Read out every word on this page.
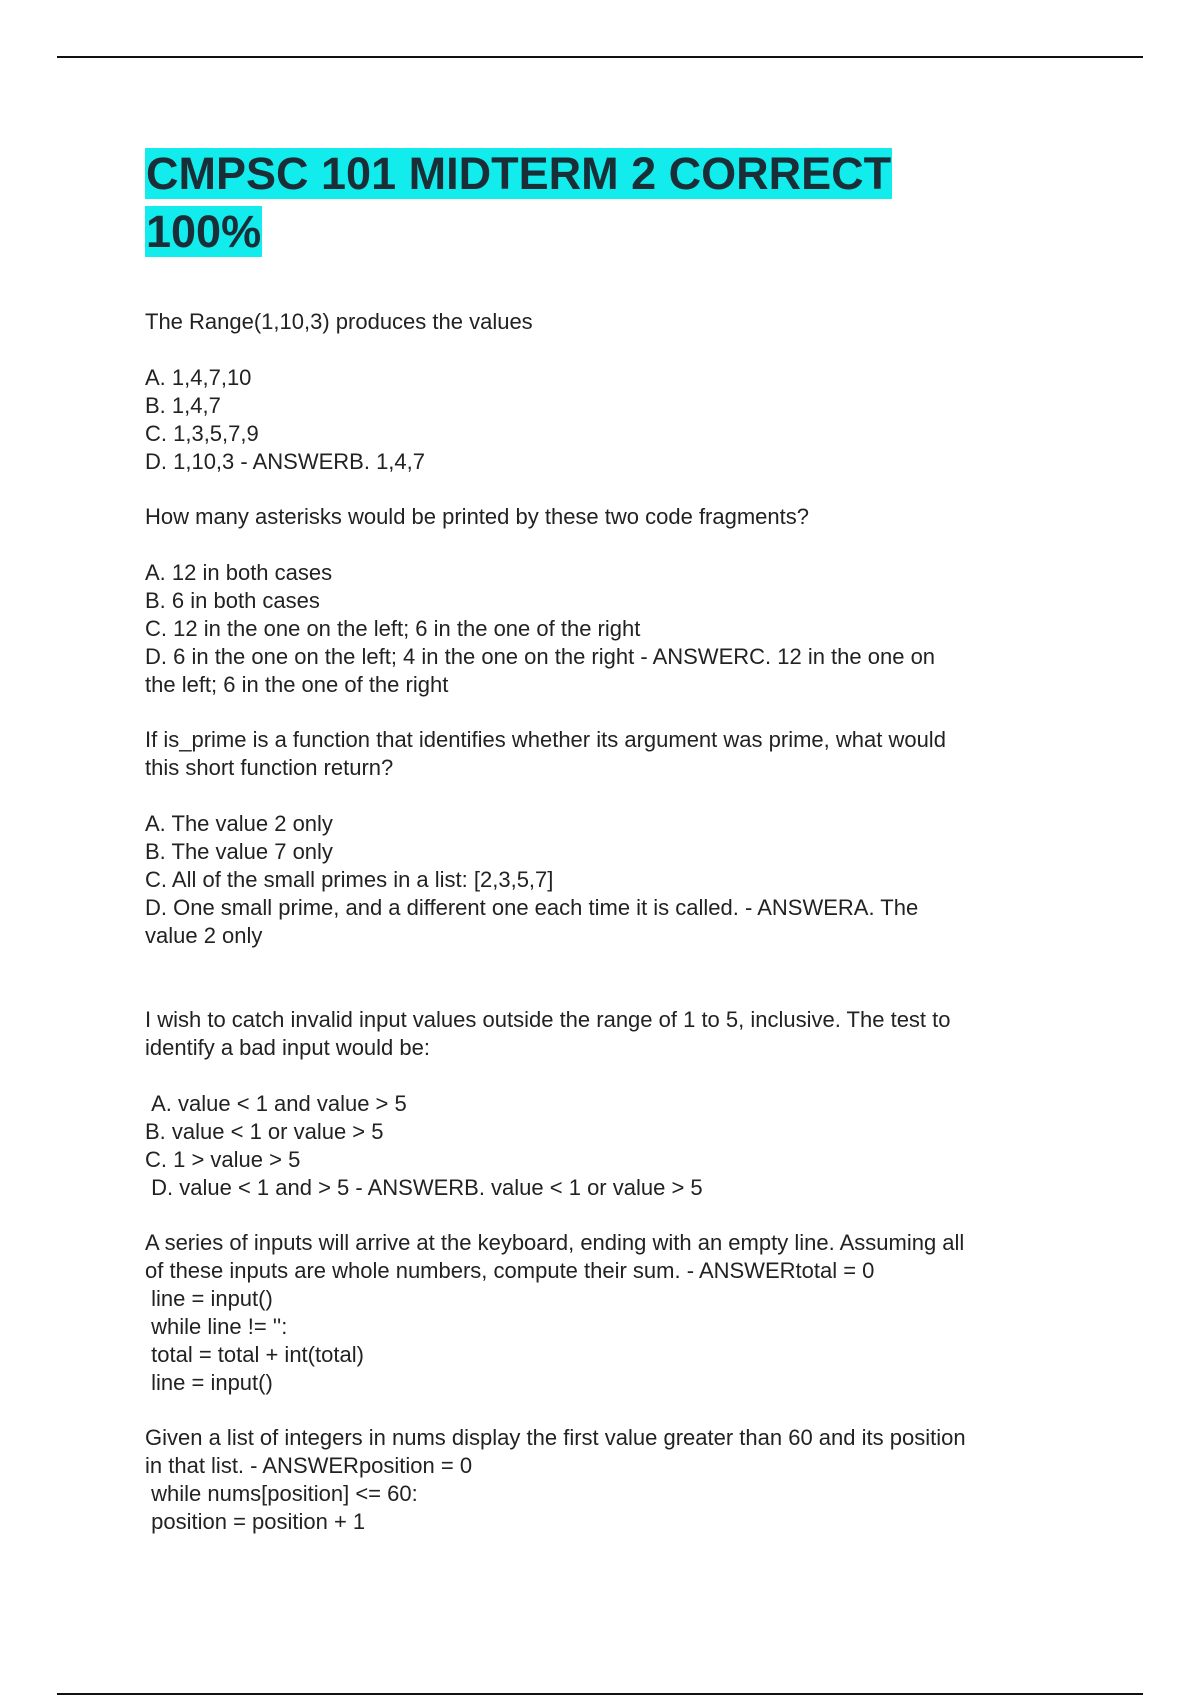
CMPSC 101 MIDTERM 2 CORRECT
100%

The Range(1,10,3) produces the values

A. 1,4,7,10
B. 1,4,7
C. 1,3,5,7,9
D. 1,10,3 - ANSWERB. 1,4,7

How many asterisks would be printed by these two code fragments?

A. 12 in both cases
B. 6 in both cases
C. 12 in the one on the left; 6 in the one of the right
D. 6 in the one on the left; 4 in the one on the right - ANSWERC. 12 in the one on
the left; 6 in the one of the right

If is_prime is a function that identifies whether its argument was prime, what would
this short function return?

A. The value 2 only
B. The value 7 only
C. All of the small primes in a list: [2,3,5,7]
D. One small prime, and a different one each time it is called. - ANSWERA. The
value 2 only

I wish to catch invalid input values outside the range of 1 to 5, inclusive. The test to
identify a bad input would be:

A. value < 1 and value > 5
B. value < 1 or value > 5
C. 1 > value > 5
D. value < 1 and > 5 - ANSWERB. value < 1 or value > 5

A series of inputs will arrive at the keyboard, ending with an empty line. Assuming all
of these inputs are whole numbers, compute their sum. - ANSWERtotal = 0
line = input()
while line != '':
total = total + int(total)
line = input()

Given a list of integers in nums display the first value greater than 60 and its position
in that list. - ANSWERposition = 0
while nums[position] <= 60:
position = position + 1
